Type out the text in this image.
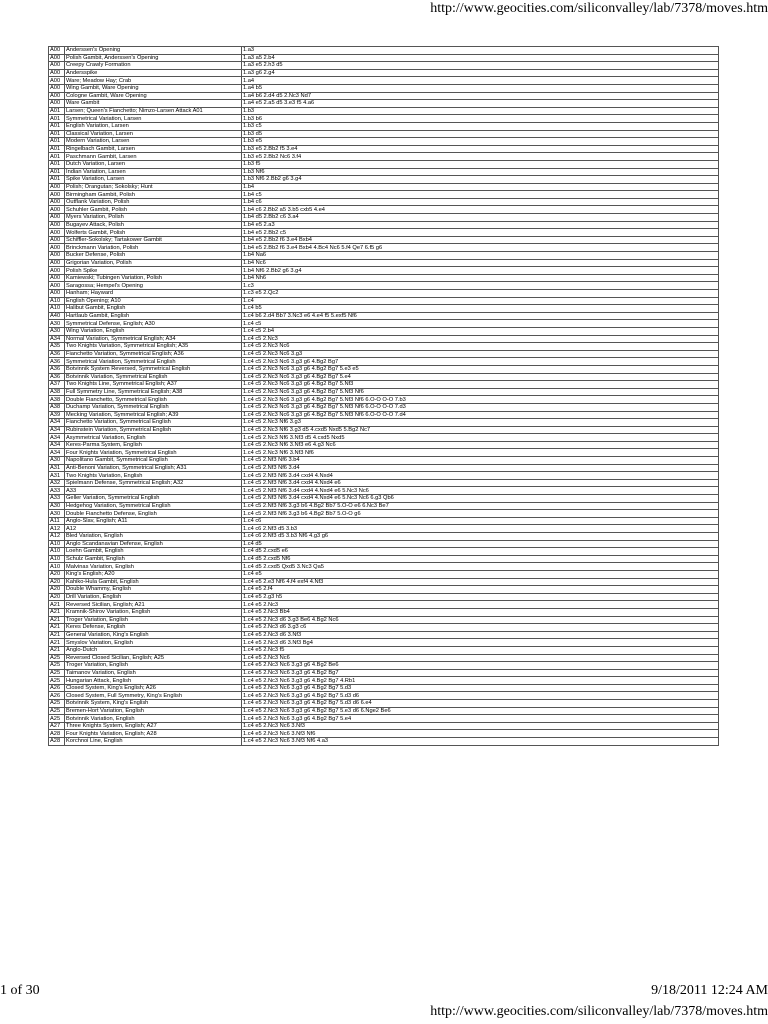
http://www.geocities.com/siliconvalley/lab/7378/moves.htm
A00	Anderssen's Opening	1.a3
A00	Polish Gambit, Anderssen's Opening	1.a3 a5 2.b4
A00	Creepy Crawly Formation	1.a3 e5 2.h3 d5
A00	Andersspike	1.a3 g6 2.g4
A00	Ware; Meadow Hay; Crab	1.a4
A00	Wing Gambit, Ware Opening	1.a4 b5
A00	Cologne Gambit, Ware Opening	1.a4 b6 2.d4 d5 2.Nc3 Nd7
A00	Ware Gambit	1.a4 e5 2.a5 d5 3.e3 f5 4.a6
A01	Larsen; Queen's Fianchetto; Nimzo-Larsen Attack A01	1.b3
A01	Symmetrical Variation, Larsen	1.b3 b6
A01	English Variation, Larsen	1.b3 c5
A01	Classical Variation, Larsen	1.b3 d5
A01	Modern Variation, Larsen	1.b3 e5
A01	Ringelbach Gambit, Larsen	1.b3 e5 2.Bb2 f5 3.e4
A01	Paschmann Gambit, Larsen	1.b3 e5 2.Bb2 Nc6 3.f4
A01	Dutch Variation, Larsen	1.b3 f5
A01	Indian Variation, Larsen	1.b3 Nf6
A01	Spike Variation, Larsen	1.b3 Nf6 2.Bb2 g6 3.g4
A00	Polish; Orangutan; Sokolsky; Hunt	1.b4
A00	Birmingham Gambit, Polish	1.b4 c5
A00	Outflank Variation, Polish	1.b4 c6
A00	Schuhler Gambit, Polish	1.b4 c6 2.Bb2 a5 3.b5 cxb5 4.e4
A00	Myers Variation, Polish	1.b4 d5 2.Bb2 c6 3.a4
A00	Bugayev Attack, Polish	1.b4 e5 2.a3
A00	Wolferts Gambit, Polish	1.b4 e5 2.Bb2 c5
A00	Schiffler-Sokolsky; Tartakower Gambit	1.b4 e5 2.Bb2 f6 3.e4 Bxb4
A00	Brinckmann Variation, Polish	1.b4 e5 2.Bb2 f6 3.e4 Bxb4 4.Bc4 Nc6 5.f4 Qe7 6.f5 g6
A00	Bucker Defense, Polish	1.b4 Na6
A00	Grigorian Variation, Polish	1.b4 Nc6
A00	Polish Spike	1.b4 Nf6 2.Bb2 g6 3.g4
A00	Kamiewski; Tubingen Variation, Polish	1.b4 Nh6
A00	Saragossa; Hempel's Opening	1.c3
A00	Hanham; Hayward	1.c3 e5 2.Qc2
A10	English Opening; A10	1.c4
A10	Halibut Gambit, English	1.c4 b5
A40	Hartlaub Gambit, English	1.c4 b6 2.d4 Bb7 3.Nc3 e6 4.e4 f5 5.exf5 Nf6
A30	Symmetrical Defense, English; A30	1.c4 c5
A30	Wing Variation, English	1.c4 c5 2.b4
A34	Normal Variation, Symmetrical English; A34	1.c4 c5 2.Nc3
A35	Two Knights Variation, Symmetrical English; A35	1.c4 c5 2.Nc3 Nc6
A36	Fianchetto Variation, Symmetrical English; A36	1.c4 c5 2.Nc3 Nc6 3.g3
A36	Symmetrical Variation, Symmetrical English	1.c4 c5 2.Nc3 Nc6 3.g3 g6 4.Bg2 Bg7
A36	Botvinnik System Reversed, Symmetrical English	1.c4 c5 2.Nc3 Nc6 3.g3 g6 4.Bg2 Bg7 5.e3 e5
A36	Botvinnik Variation, Symmetrical English	1.c4 c5 2.Nc3 Nc6 3.g3 g6 4.Bg2 Bg7 5.e4
A37	Two Knights Line, Symmetrical English; A37	1.c4 c5 2.Nc3 Nc6 3.g3 g6 4.Bg2 Bg7 5.Nf3
A38	Full Symmetry Line, Symmetrical English; A38	1.c4 c5 2.Nc3 Nc6 3.g3 g6 4.Bg2 Bg7 5.Nf3 Nf6
A38	Double Fianchetto, Symmetrical English	1.c4 c5 2.Nc3 Nc6 3.g3 g6 4.Bg2 Bg7 5.Nf3 Nf6 6.O-O O-O 7.b3
A38	Duchamp Variation, Symmetrical English	1.c4 c5 2.Nc3 Nc6 3.g3 g6 4.Bg2 Bg7 5.Nf3 Nf6 6.O-O O-O 7.d3
A39	Mecking Variation, Symmetrical English; A39	1.c4 c5 2.Nc3 Nc6 3.g3 g6 4.Bg2 Bg7 5.Nf3 Nf6 6.O-O O-O 7.d4
A34	Fianchetto Variation, Symmetrical English	1.c4 c5 2.Nc3 Nf6 3.g3
A34	Rubinstein Variation, Symmetrical English	1.c4 c5 2.Nc3 Nf6 3.g3 d5 4.cxd5 Nxd5 5.Bg2 Nc7
A34	Asymmetrical Variation, English	1.c4 c5 2.Nc3 Nf6 3.Nf3 d5 4.cxd5 Nxd5
A34	Keres-Parma System, English	1.c4 c5 2.Nc3 Nf6 3.Nf3 e6 4.g3 Nc6
A34	Four Knights Variation, Symmetrical English	1.c4 c5 2.Nc3 Nf6 3.Nf3 Nf6
A30	Napolitano Gambit, Symmetrical English	1.c4 c5 2.Nf3 Nf6 3.b4
A31	Anti-Benoni Variation, Symmetrical English; A31	1.c4 c5 2.Nf3 Nf6 3.d4
A31	Two Knights Variation, English	1.c4 c5 2.Nf3 Nf6 3.d4 cxd4 4.Nxd4
A32	Spielmann Defense, Symmetrical English; A32	1.c4 c5 2.Nf3 Nf6 3.d4 cxd4 4.Nxd4 e6
A33	A33	1.c4 c5 2.Nf3 Nf6 3.d4 cxd4 4.Nxd4 e6 5.Nc3 Nc6
A33	Geller Variation, Symmetrical English	1.c4 c5 2.Nf3 Nf6 3.d4 cxd4 4.Nxd4 e6 5.Nc3 Nc6 6.g3 Qb6
A30	Hedgehog Variation, Symmetrical English	1.c4 c5 2.Nf3 Nf6 3.g3 b6 4.Bg2 Bb7 5.O-O e6 6.Nc3 Be7
A30	Double Fianchetto Defense, English	1.c4 c5 2.Nf3 Nf6 3.g3 b6 4.Bg2 Bb7 5.O-O g6
A11	Anglo-Slav, English; A11	1.c4 c6
A12	A12	1.c4 c6 2.Nf3 d5 3.b3
A12	Bled Variation, English	1.c4 c6 2.Nf3 d5 3.b3 Nf6 4.g3 g6
A10	Anglo Scandanavian Defense, English	1.c4 d5
A10	Loehn Gambit, English	1.c4 d5 2.cxd5 e6
A10	Schulz Gambit, English	1.c4 d5 2.cxd5 Nf6
A10	Malvinas Variation, English	1.c4 d5 2.cxd5 Qxd5 3.Nc3 Qa5
A20	King's English; A20	1.c4 e5
A20	Kahiko-Hula Gambit, English	1.c4 e5 2.e3 Nf6 4.f4 exf4 4.Nf3
A20	Double Whammy, English	1.c4 e5 2.f4
A20	Drill Variation, English	1.c4 e5 2.g3 h5
A21	Reversed Sicilian, English; A21	1.c4 e5 2.Nc3
A21	Kramnik-Shirov Variation, English	1.c4 e5 2.Nc3 Bb4
A21	Troger Variation, English	1.c4 e5 2.Nc3 d6 3.g3 Be6 4.Bg2 Nc6
A21	Keres Defense, English	1.c4 e5 2.Nc3 d6 3.g3 c6
A21	General Variation, King's English	1.c4 e5 2.Nc3 d6 3.Nf3
A21	Smyslov Variation, English	1.c4 e5 2.Nc3 d6 3.Nf3 Bg4
A21	Anglo-Dutch	1.c4 e5 2.Nc3 f5
A25	Reversed Closed Sicilian, English; A25	1.c4 e5 2.Nc3 Nc6
A25	Troger Variation, English	1.c4 e5 2.Nc3 Nc6 3.g3 g6 4.Bg2 Be6
A25	Taimanov Variation, English	1.c4 e5 2.Nc3 Nc6 3.g3 g6 4.Bg2 Bg7
A25	Hungarian Attack, English	1.c4 e5 2.Nc3 Nc6 3.g3 g6 4.Bg2 Bg7 4.Rb1
A26	Closed System, King's English; A26	1.c4 e5 2.Nc3 Nc6 3.g3 g6 4.Bg2 Bg7 5.d3
A26	Closed System, Full Symmetry, King's English	1.c4 e5 2.Nc3 Nc6 3.g3 g6 4.Bg2 Bg7 5.d3 d6
A25	Botvinnik System, King's English	1.c4 e5 2.Nc3 Nc6 3.g3 g6 4.Bg2 Bg7 5.d3 d6 6.e4
A25	Bremen-Hort Variation, English	1.c4 e5 2.Nc3 Nc6 3.g3 g6 4.Bg2 Bg7 5.e3 d6 6.Nge2 Be6
A25	Botvinnik Variation, English	1.c4 e5 2.Nc3 Nc6 3.g3 g6 4.Bg2 Bg7 5.e4
A27	Three Knights System, English; A27	1.c4 e5 2.Nc3 Nc6 3.Nf3
A28	Four Knights Variation, English; A28	1.c4 e5 2.Nc3 Nc6 3.Nf3 Nf6
A28	Korchnoi Line, English	1.c4 e5 2.Nc3 Nc6 3.Nf3 Nf6 4.a3
1 of 30	9/18/2011 12:24 AM
http://www.geocities.com/siliconvalley/lab/7378/moves.htm
